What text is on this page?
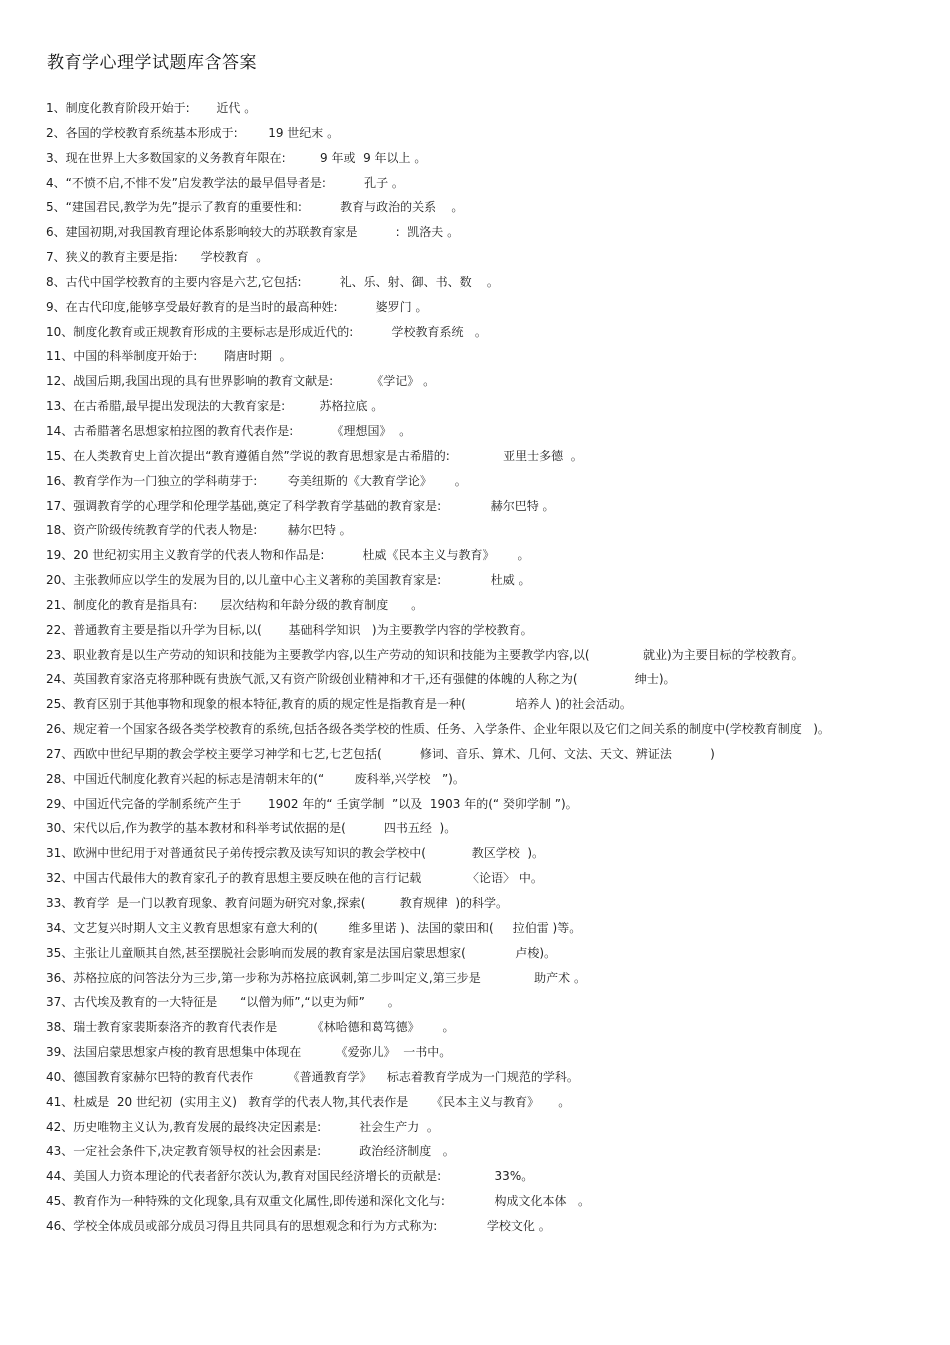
教育学心理学试题库含答案
1、制度化教育阶段开始于:       近代 。
2、各国的学校教育系统基本形成于:        19 世纪末 。
3、现在世界上大多数国家的义务教育年限在:         9 年或  9 年以上 。
4、“不愤不启,不悱不发”启发教学法的最早倡导者是:          孔子 。
5、“建国君民,教学为先”提示了教育的重要性和:          教育与政治的关系    。
6、建国初期,对我国教育理论体系影响较大的苏联教育家是          :  凯洛夫 。
7、狭义的教育主要是指:      学校教育  。
8、古代中国学校教育的主要内容是六艺,它包括:          礼、乐、射、御、书、数    。
9、在古代印度,能够享受最好教育的是当时的最高种姓:          婆罗门 。
10、制度化教育或正规教育形成的主要标志是形成近代的:          学校教育系统   。
11、中国的科举制度开始于:       隋唐时期  。
12、战国后期,我国出现的具有世界影响的教育文献是:          《学记》 。
13、在古希腊,最早提出发现法的大教育家是:         苏格拉底 。
14、古希腊著名思想家柏拉图的教育代表作是:          《理想国》  。
15、在人类教育史上首次提出“教育遵循自然”学说的教育思想家是古希腊的:              亚里士多德  。
16、教育学作为一门独立的学科萌芽于:        夸美纽斯的《大教育学论》      。
17、强调教育学的心理学和伦理学基础,奠定了科学教育学基础的教育家是:             赫尔巴特 。
18、资产阶级传统教育学的代表人物是:        赫尔巴特 。
19、20 世纪初实用主义教育学的代表人物和作品是:          杜威《民本主义与教育》      。
20、主张教师应以学生的发展为目的,以儿童中心主义著称的美国教育家是:             杜威 。
21、制度化的教育是指具有:      层次结构和年龄分级的教育制度      。
22、普通教育主要是指以升学为目标,以(       基础科学知识   )为主要教学内容的学校教育。
23、职业教育是以生产劳动的知识和技能为主要教学内容,以生产劳动的知识和技能为主要教学内容,以(              就业)为主要目标的学校教育。
24、英国教育家洛克将那种既有贵族气派,又有资产阶级创业精神和才干,还有强健的体魄的人称之为(               绅士)。
25、教育区别于其他事物和现象的根本特征,教育的质的规定性是指教育是一种(             培养人 )的社会活动。
26、规定着一个国家各级各类学校教育的系统,包括各级各类学校的性质、任务、入学条件、企业年限以及它们之间关系的制度中(学校教育制度   )。
27、西欧中世纪早期的教会学校主要学习神学和七艺,七艺包括(          修词、音乐、算术、几何、文法、天文、辨证法          )
28、中国近代制度化教育兴起的标志是清朝末年的(“        废科举,兴学校   ”)。
29、中国近代完备的学制系统产生于       1902 年的“ 壬寅学制  ”以及  1903 年的(“ 癸卯学制 ”)。
30、宋代以后,作为教学的基本教材和科举考试依据的是(          四书五经  )。
31、欧洲中世纪用于对普通贫民子弟传授宗教及读写知识的教会学校中(            教区学校  )。
32、中国古代最伟大的教育家孔子的教育思想主要反映在他的言行记载            〈论语〉 中。
33、教育学  是一门以教育现象、教育问题为研究对象,探索(         教育规律  )的科学。
34、文艺复兴时期人文主义教育思想家有意大利的(        维多里诺 )、法国的蒙田和(     拉伯雷 )等。
35、主张让儿童顺其自然,甚至摆脱社会影响而发展的教育家是法国启蒙思想家(             卢梭)。
36、苏格拉底的问答法分为三步,第一步称为苏格拉底讽刺,第二步叫定义,第三步是              助产术 。
37、古代埃及教育的一大特征是      “以僧为师”,“以吏为师”      。
38、瑞士教育家裴斯泰洛齐的教育代表作是         《林哈德和葛笃德》      。
39、法国启蒙思想家卢梭的教育思想集中体现在         《爱弥儿》  一书中。
40、德国教育家赫尔巴特的教育代表作         《普通教育学》    标志着教育学成为一门规范的学科。
41、杜威是  20 世纪初  (实用主义)   教育学的代表人物,其代表作是      《民本主义与教育》     。
42、历史唯物主义认为,教育发展的最终决定因素是:          社会生产力  。
43、一定社会条件下,决定教育领导权的社会因素是:          政治经济制度   。
44、美国人力资本理论的代表者舒尔茨认为,教育对国民经济增长的贡献是:              33%。
45、教育作为一种特殊的文化现象,具有双重文化属性,即传递和深化文化与:             构成文化本体   。
46、学校全体成员或部分成员习得且共同具有的思想观念和行为方式称为:             学校文化 。
